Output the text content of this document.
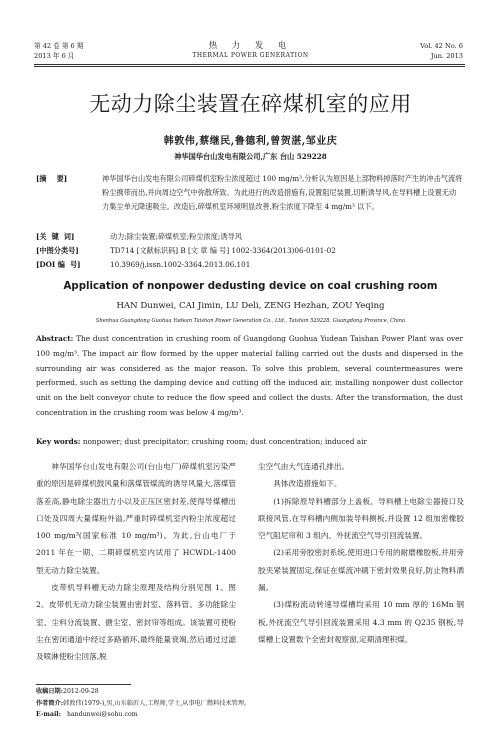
第 42 卷 第 6 期
2013 年 6 月
热 力 发 电
THERMAL POWER GENERATION
Vol. 42 No. 6
Jun. 2013
无动力除尘装置在碎煤机室的应用
韩敦伟,蔡继民,鲁德利,曾贺湛,邹业庆
神华国华台山发电有限公司,广东 台山 529228
[摘    要]	神华国华台山发电有限公司碎煤机室粉尘浓度超过 100 mg/m³,分析认为原因是上部物料掉落时产生的冲击气流将粉尘携带而出,并向周边空气中弥散所致。为此进行的改造措施有,设置阻尼装置,切断诱导风,在导料槽上设置无动力集尘单元降速吸尘。改造后,碎煤机室环境明显改善,粉尘浓度下降至 4 mg/m³ 以下。
[关  键  词]	动力;除尘装置;碎煤机室;粉尘浓度;诱导风
[中图分类号]	TD714 [文献标识码] B [文 章 编 号] 1002-3364(2013)06-0101-02
[DOI 编  号]	10.3969/j.issn.1002-3364.2013.06.101
Application of nonpower dedusting device on coal crushing room
HAN Dunwei, CAI Jimin, LU Deli, ZENG Hezhan, ZOU Yeqing
Shenhua Guangdong Guohua Yudean Taishan Power Generation Co., Ltd., Taishan 529228, Guangdong Province, China
Abstract: The dust concentration in crushing room of Guangdong Guohua Yudean Taishan Power Plant was over 100 mg/m³. The impact air flow formed by the upper material falling carried out the dusts and dispersed in the surrounding air was considered as the major reason. To solve this problem, several countermeasures were performed, such as setting the damping device and cutting off the induced air, installing nonpower dust collector unit on the belt conveyor chute to reduce the flow speed and collect the dusts. After the transformation, the dust concentration in the crushing room was below 4 mg/m³.
Key words: nonpower; dust precipitator; crushing room; dust concentration; induced air

神华国华台山发电有限公司(台山电厂)碎煤机室污染严重的原因是碎煤机鼓风量和落煤管煤流的诱导风量大,落煤管落差高,静电除尘器出力小以及正压区密封差,使得导煤槽出口处及四周大量煤粉外溢,严重时碎煤机室内粉尘浓度超过 100 mg/m³(国家标准 10 mg/m³)。为此,台山电厂于 2011 年在一期、二期碎煤机室内试用了 HCWDL-1400 型无动力除尘装置。

皮带机导料槽无动力除尘原理及结构分别见图 1、图 2。皮带机无动力除尘装置由密封室、落料管、多功能除尘室、尘料分流装置、搪尘室、密封帘等组成。该装置可使粉尘在密闭通道中经过多路循环,最终能量衰竭,然后通过过滤及喷淋使粉尘回落,脱

尘空气由大气连通孔排出。

具体改造措施如下。

(1)拆除原导料槽部分上盖板、导料槽上电除尘器接口及联接风管,在导料槽内侧加装导料侧板,并设置 12 组加密橡胶空气阻尼帘和 3 组内、外抚流空气导引回流装置。

(2)采用旁胶密封系统,使用进口专用的耐磨橡胶板,并用旁胶夹紧装置固定,保证在煤流冲刷下密封效果良好,防止物料洒漏。

(3)煤粉流动转速导煤槽均采用 10 mm 厚的 16Mn 钢板,外抚流空气导引回流装置采用 4.3 mm 的 Q235 钢板,导煤槽上设置数个全密封观察窗,定期清理积煤。

收稿日期:2012-09-28
作者简介:韩敦伟(1979-),男,山东临沂人,工程师,学士,从事电厂燃料技术管理。
E-mail: handunwei@sohu.com
